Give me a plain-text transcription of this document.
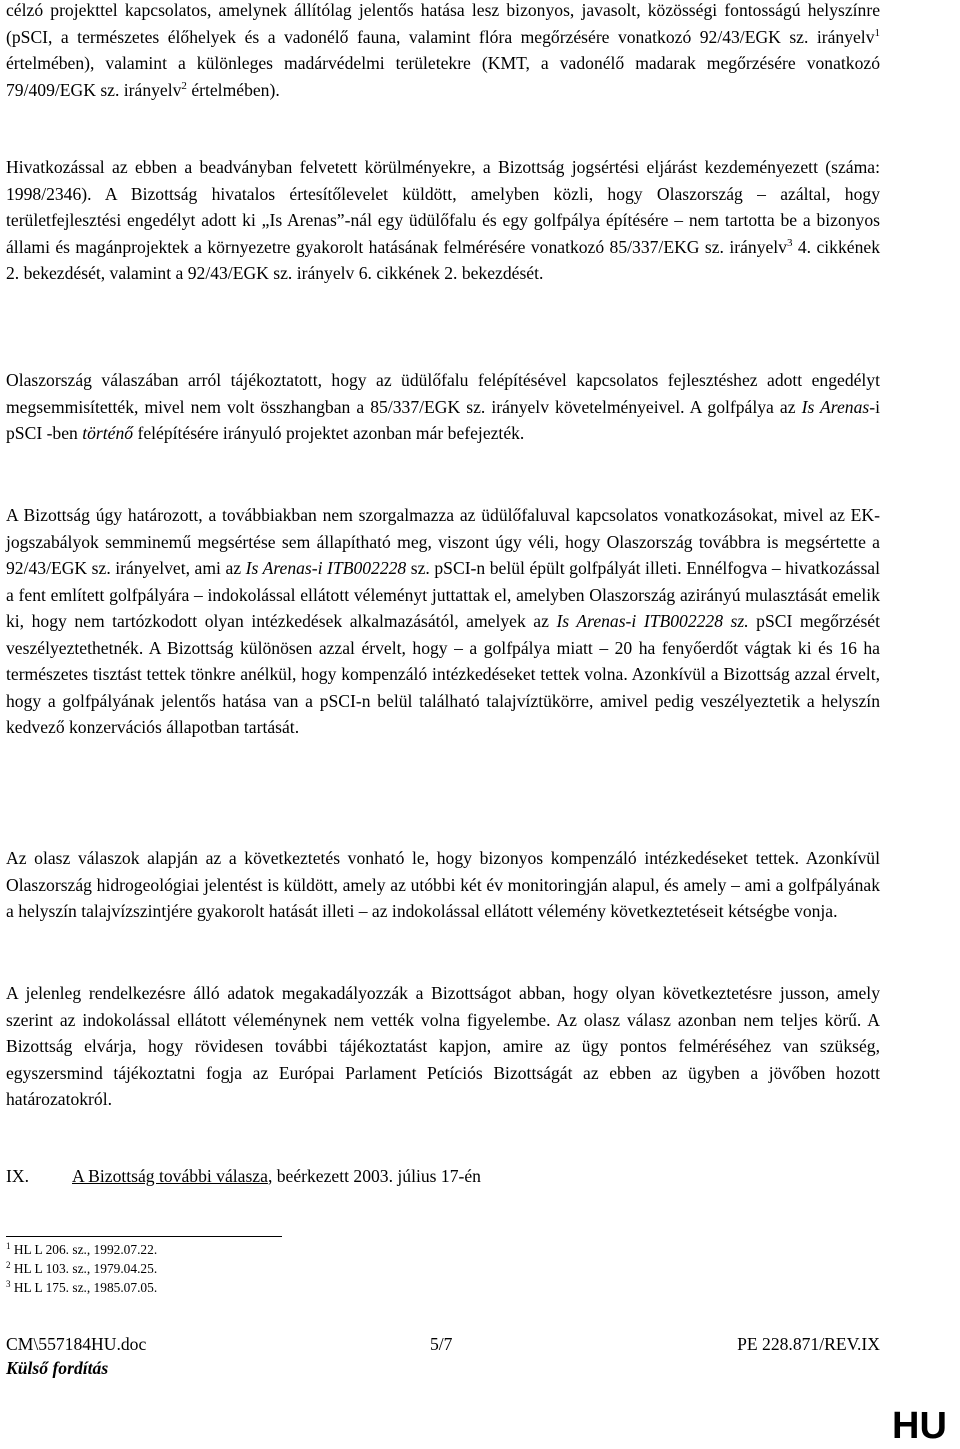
célzó projekttel kapcsolatos, amelynek állítólag jelentős hatása lesz bizonyos, javasolt, közösségi fontosságú helyszínre (pSCI, a természetes élőhelyek és a vadonélő fauna, valamint flóra megőrzésére vonatkozó 92/43/EGK sz. irányelv$^1$ értelmében), valamint a különleges madárvédelmi területekre (KMT, a vadonélő madarak megőrzésére vonatkozó 79/409/EGK sz. irányelv$^2$ értelmében).

Hivatkozással az ebben a beadványban felvetett körülményekre, a Bizottság jogsértési eljárást kezdeményezett (száma: 1998/2346). A Bizottság hivatalos értesítőlevelet küldött, amelyben közli, hogy Olaszország – azáltal, hogy területfejlesztési engedélyt adott ki „Is Arenas”-nál egy üdülőfalu és egy golfpálya építésére – nem tartotta be a bizonyos állami és magánprojektek a környezetre gyakorolt hatásának felmérésére vonatkozó 85/337/EKG sz. irányelv$^3$ 4. cikkének 2. bekezdését, valamint a 92/43/EGK sz. irányelv 6. cikkének 2. bekezdését.

Olaszország válaszában arról tájékoztatott, hogy az üdülőfalu felépítésével kapcsolatos fejlesztéshez adott engedélyt megsemmisítették, mivel nem volt összhangban a 85/337/EGK sz. irányelv követelményeivel. A golfpálya az Is Arenas-i pSCI -ben történő felépítésére irányuló projektet azonban már befejezték.

A Bizottság úgy határozott, a továbbiakban nem szorgalmazza az üdülőfaluval kapcsolatos vonatkozásokat, mivel az EK-jogszabályok semminemű megsértése sem állapítható meg, viszont úgy véli, hogy Olaszország továbbra is megsértette a 92/43/EGK sz. irányelvet, ami az Is Arenas-i ITB002228 sz. pSCI-n belül épült golfpályát illeti. Ennélfogva – hivatkozással a fent említett golfpályára – indokolással ellátott véleményt juttattak el, amelyben Olaszország azirányú mulasztását emelik ki, hogy nem tartózkodott olyan intézkedések alkalmazásától, amelyek az Is Arenas-i ITB002228 sz. pSCI megőrzését veszélyeztethetnék. A Bizottság különösen azzal érvelt, hogy – a golfpálya miatt – 20 ha fenyőerdőt vágtak ki és 16 ha természetes tisztást tettek tönkre anélkül, hogy kompenzáló intézkedéseket tettek volna. Azonkívül a Bizottság azzal érvelt, hogy a golfpályának jelentős hatása van a pSCI-n belül található talajvíztükörre, amivel pedig veszélyeztetik a helyszín kedvező konzervációs állapotban tartását.

Az olasz válaszok alapján az a következtetés vonható le, hogy bizonyos kompenzáló intézkedéseket tettek. Azonkívül Olaszország hidrogeológiai jelentést is küldött, amely az utóbbi két év monitoringján alapul, és amely – ami a golfpályának a helyszín talajvízszintjére gyakorolt hatását illeti – az indokolással ellátott vélemény következtetéseit kétségbe vonja.

A jelenleg rendelkezésre álló adatok megakadályozzák a Bizottságot abban, hogy olyan következtetésre jusson, amely szerint az indokolással ellátott véleménynek nem vették volna figyelembe. Az olasz válasz azonban nem teljes körű. A Bizottság elvárja, hogy rövidesen további tájékoztatást kapjon, amire az ügy pontos felméréséhez van szükség, egyszersmind tájékoztatni fogja az Európai Parlament Petíciós Bizottságát az ebben az ügyben a jövőben hozott határozatokról.

IX. A Bizottság további válasza, beérkezett 2003. július 17-én
$^1$ HL L 206. sz., 1992.07.22.
$^2$ HL L 103. sz., 1979.04.25.
$^3$ HL L 175. sz., 1985.07.05.
CM\557184HU.doc	5/7	PE 228.871/REV.IX
Külső fordítás
HU
